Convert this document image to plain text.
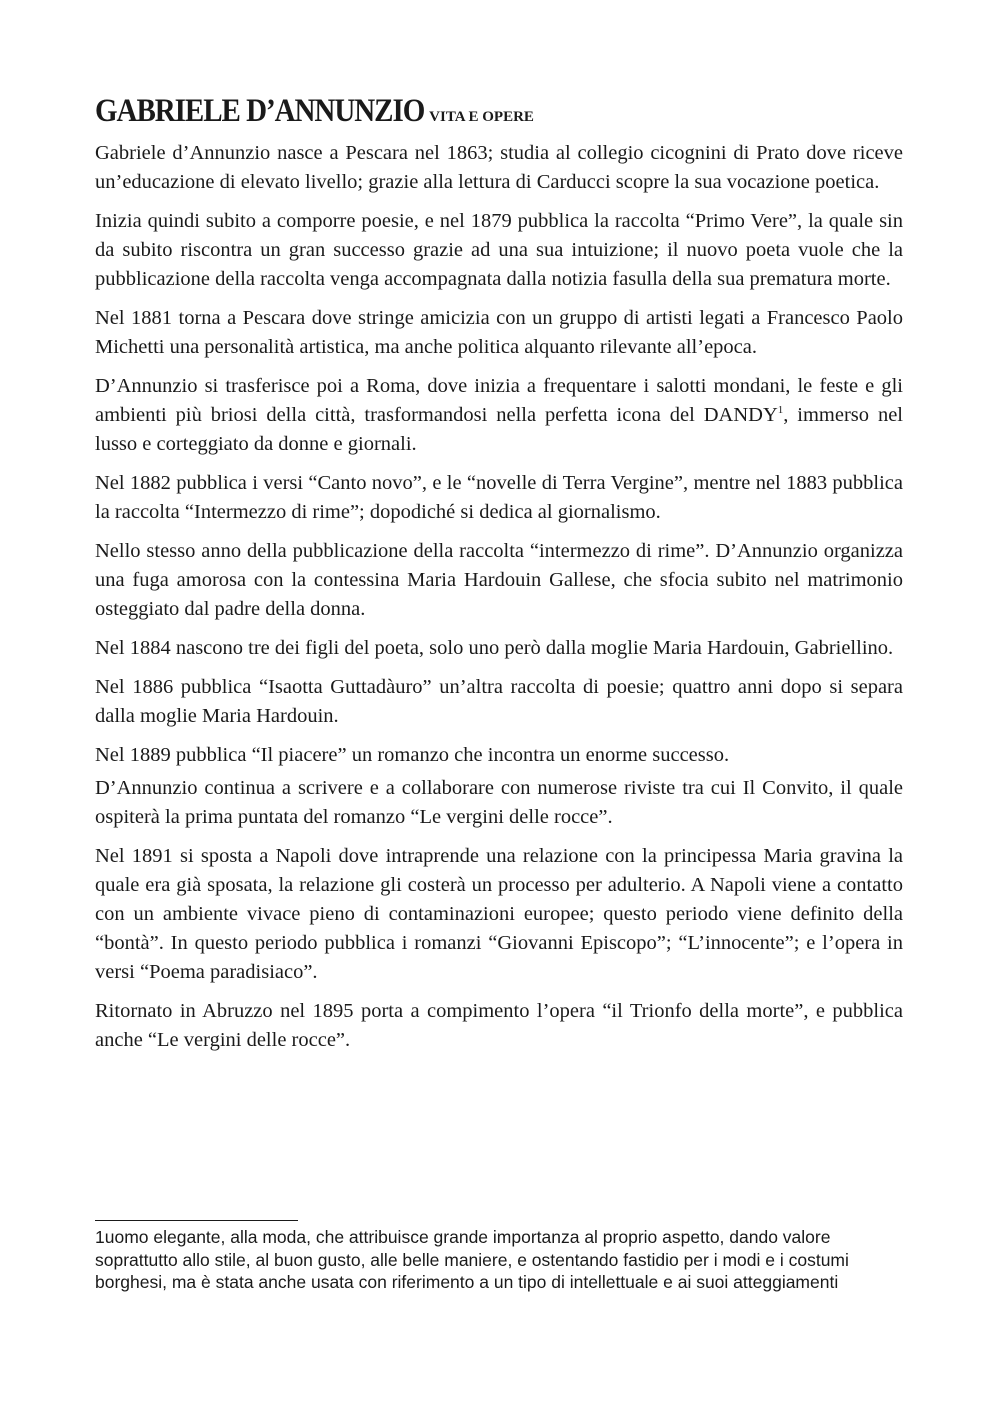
GABRIELE D’ANNUNZIO VITA E OPERE

Gabriele d’Annunzio nasce a Pescara nel 1863; studia al collegio cicognini di Prato dove riceve un’educazione di elevato livello; grazie alla lettura di Carducci scopre la sua vocazione poetica.

Inizia quindi subito a comporre poesie, e nel 1879 pubblica la raccolta “Primo Vere”, la quale sin da subito riscontra un gran successo grazie ad una sua intuizione; il nuovo poeta vuole che la pubblicazione della raccolta venga accompagnata dalla notizia fasulla della sua prematura morte.

Nel 1881 torna a Pescara dove stringe amicizia con un gruppo di artisti legati a Francesco Paolo Michetti una personalità artistica, ma anche politica alquanto rilevante all’epoca.

D’Annunzio si trasferisce poi a Roma, dove inizia a frequentare i salotti mondani, le feste e gli ambienti più briosi della città, trasformandosi nella perfetta icona del DANDY$^1$, immerso nel lusso e corteggiato da donne e giornali.

Nel 1882 pubblica i versi “Canto novo”, e le “novelle di Terra Vergine”, mentre nel 1883 pubblica la raccolta “Intermezzo di rime”; dopodiché si dedica al giornalismo.

Nello stesso anno della pubblicazione della raccolta “intermezzo di rime”. D’Annunzio organizza una fuga amorosa con la contessina Maria Hardouin Gallese, che sfocia subito nel matrimonio osteggiato dal padre della donna.

Nel 1884 nascono tre dei figli del poeta, solo uno però dalla moglie Maria Hardouin, Gabriellino.

Nel 1886 pubblica “Isaotta Guttadàuro” un’altra raccolta di poesie; quattro anni dopo si separa dalla moglie Maria Hardouin.

Nel 1889 pubblica “Il piacere” un romanzo che incontra un enorme successo.

D’Annunzio continua a scrivere e a collaborare con numerose riviste tra cui Il Convito, il quale ospiterà la prima puntata del romanzo “Le vergini delle rocce”.

Nel 1891 si sposta a Napoli dove intraprende una relazione con la principessa Maria gravina la quale era già sposata, la relazione gli costerà un processo per adulterio. A Napoli viene a contatto con un ambiente vivace pieno di contaminazioni europee; questo periodo viene definito della “bontà”. In questo periodo pubblica i romanzi “Giovanni Episcopo”; “L’innocente”; e l’opera in versi “Poema paradisiaco”.

Ritornato in Abruzzo nel 1895 porta a compimento l’opera “il Trionfo della morte”, e pubblica anche “Le vergini delle rocce”.

1uomo elegante, alla moda, che attribuisce grande importanza al proprio aspetto, dando valore soprattutto allo stile, al buon gusto, alle belle maniere, e ostentando fastidio per i modi e i costumi borghesi, ma è stata anche usata con riferimento a un tipo di intellettuale e ai suoi atteggiamenti
